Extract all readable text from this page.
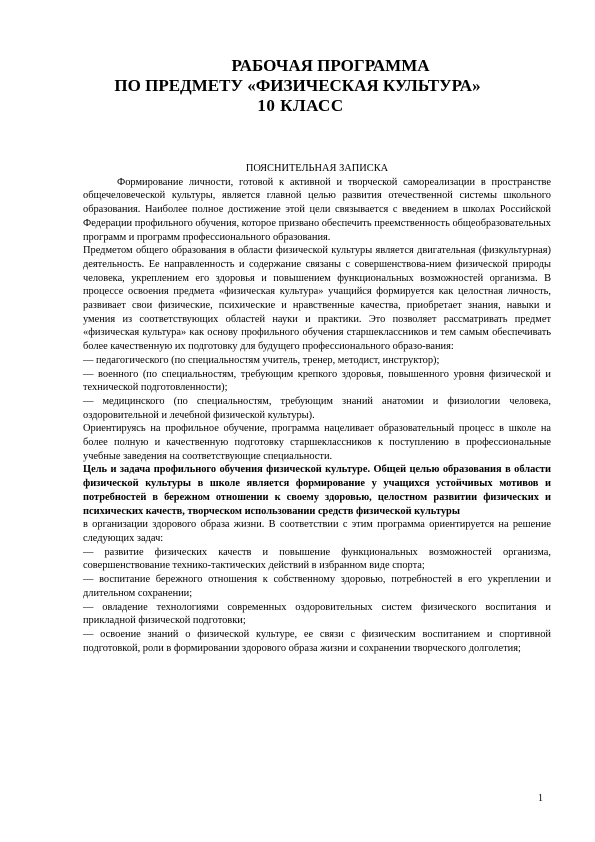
РАБОЧАЯ ПРОГРАММА
ПО ПРЕДМЕТУ «ФИЗИЧЕСКАЯ КУЛЬТУРА»
10 КЛАСС

ПОЯСНИТЕЛЬНАЯ ЗАПИСКА

Формирование личности, готовой к активной и творческой самореализации в пространстве общечеловеческой культуры, является главной целью развития отечественной системы школьного образования. Наиболее полное достижение этой цели связывается с введением в школах Российской Федерации профильного обучения, которое призвано обеспечить преемственность общеобразовательных программ и программ профессионального образования.

Предметом общего образования в области физической культуры является двигательная (физкультурная) деятельность. Ее направленность и содержание связаны с совершенствова-нием физической природы человека, укреплением его здоровья и повышением функциональных возможностей организма. В процессе освоения предмета «физическая культура» учащийся формируется как целостная личность, развивает свои физические, психические и нравственные качества, приобретает знания, навыки и умения из соответствующих областей науки и практики. Это позволяет рассматривать предмет «физическая культура» как основу профильного обучения старшеклассников и тем самым обеспечивать более качественную их подготовку для будущего профессионального образо-вания:

— педагогического (по специальностям учитель, тренер, методист, инструктор);

— военного (по специальностям, требующим крепкого здоровья, повышенного уровня физической и технической подготовленности);

— медицинского (по специальностям, требующим знаний анатомии и физиологии человека, оздоровительной и лечебной физической культуры).

Ориентируясь на профильное обучение, программа нацеливает образовательный процесс в школе на более полную и качественную подготовку старшеклассников к поступлению в профессиональные учебные заведения на соответствующие специальности.

Цель и задача профильного обучения физической культуре. Общей целью образования в области физической культуры в школе является формирование у учащихся устойчивых мотивов и потребностей в бережном отношении к своему здоровью, целостном развитии физических и психических качеств, творческом использовании средств физической культуры

в организации здорового образа жизни. В соответствии с этим программа ориентируется на решение следующих задач:

— развитие физических качеств и повышение функциональных возможностей организма, совершенствование технико-тактических действий в избранном виде спорта;

— воспитание бережного отношения к собственному здоровью, потребностей в его укреплении и длительном сохранении;

— овладение технологиями современных оздоровительных систем физического воспитания и прикладной физической подготовки;

— освоение знаний о физической культуре, ее связи с физическим воспитанием и спортивной подготовкой, роли в формировании здорового образа жизни и сохранении творческого долголетия;

1
